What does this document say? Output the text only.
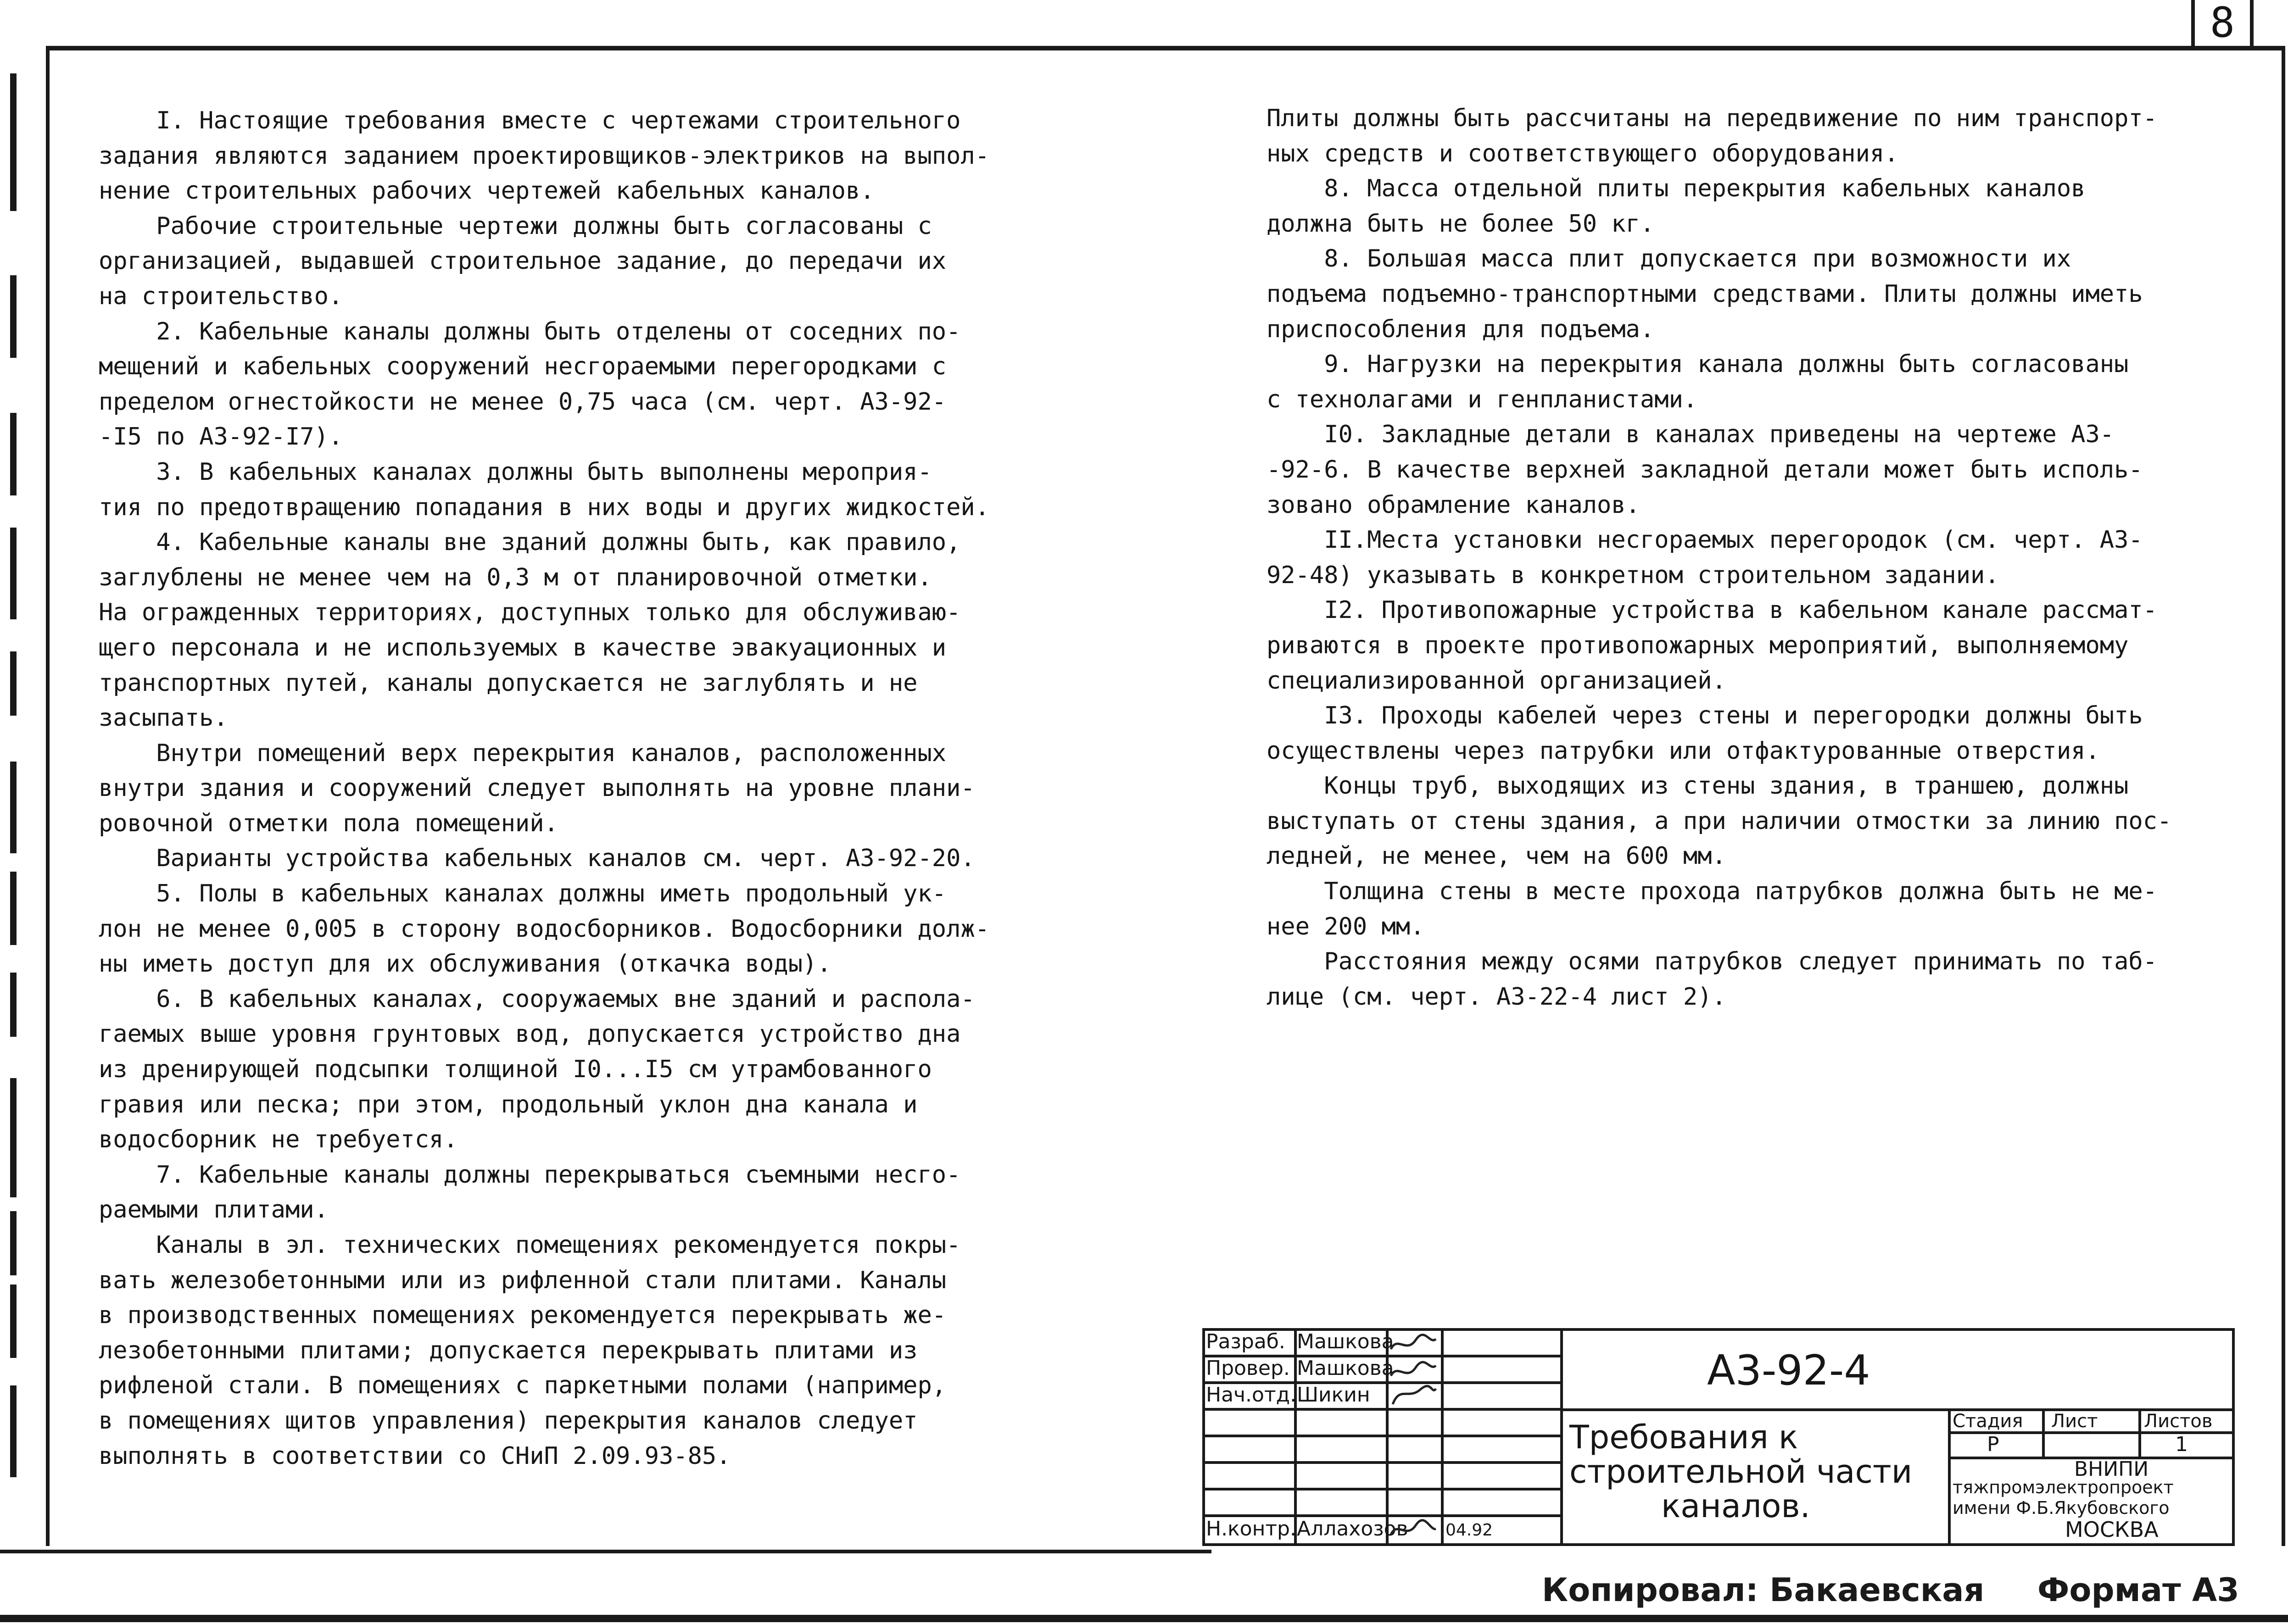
8
I. Настоящие требования вместе с чертежами строительного
задания являются заданием проектировщиков-электриков на выпол-
нение строительных рабочих чертежей кабельных каналов.
Рабочие строительные чертежи должны быть согласованы с
организацией, выдавшей строительное задание, до передачи их
на строительство.
2. Кабельные каналы должны быть отделены от соседних по-
мещений и кабельных сооружений несгораемыми перегородками с
пределом огнестойкости не менее 0,75 часа (см. черт. А3-92-
-I5 по А3-92-I7).
3. В кабельных каналах должны быть выполнены мероприя-
тия по предотвращению попадания в них воды и других жидкостей.
4. Кабельные каналы вне зданий должны быть, как правило,
заглублены не менее чем на 0,3 м от планировочной отметки.
На огражденных территориях, доступных только для обслуживаю-
щего персонала и не используемых в качестве эвакуационных и
транспортных путей, каналы допускается не заглублять и не
засыпать.
Внутри помещений верх перекрытия каналов, расположенных
внутри здания и сооружений следует выполнять на уровне плани-
ровочной отметки пола помещений.
Варианты устройства кабельных каналов см. черт. А3-92-20.
5. Полы в кабельных каналах должны иметь продольный ук-
лон не менее 0,005 в сторону водосборников. Водосборники долж-
ны иметь доступ для их обслуживания (откачка воды).
6. В кабельных каналах, сооружаемых вне зданий и распола-
гаемых выше уровня грунтовых вод, допускается устройство дна
из дренирующей подсыпки толщиной I0...I5 см утрамбованного
гравия или песка; при этом, продольный уклон дна канала и
водосборник не требуется.
7. Кабельные каналы должны перекрываться съемными несго-
раемыми плитами.
Каналы в эл. технических помещениях рекомендуется покры-
вать железобетонными или из рифленной стали плитами. Каналы
в производственных помещениях рекомендуется перекрывать же-
лезобетонными плитами; допускается перекрывать плитами из
рифленой стали. В помещениях с паркетными полами (например,
в помещениях щитов управления) перекрытия каналов следует
выполнять в соответствии со СНиП 2.09.93-85.
Плиты должны быть рассчитаны на передвижение по ним транспорт-
ных средств и соответствующего оборудования.
8. Масса отдельной плиты перекрытия кабельных каналов
должна быть не более 50 кг.
8. Большая масса плит допускается при возможности их
подъема подъемно-транспортными средствами. Плиты должны иметь
приспособления для подъема.
9. Нагрузки на перекрытия канала должны быть согласованы
с технолагами и генпланистами.
I0. Закладные детали в каналах приведены на чертеже А3-
-92-6. В качестве верхней закладной детали может быть исполь-
зовано обрамление каналов.
II.Места установки несгораемых перегородок (см. черт. А3-
92-48) указывать в конкретном строительном задании.
I2. Противопожарные устройства в кабельном канале рассмат-
риваются в проекте противопожарных мероприятий, выполняемому
специализированной организацией.
I3. Проходы кабелей через стены и перегородки должны быть
осуществлены через патрубки или отфактурованные отверстия.
Концы труб, выходящих из стены здания, в траншею, должны
выступать от стены здания, а при наличии отмостки за линию пос-
ледней, не менее, чем на 600 мм.
Толщина стены в месте прохода патрубков должна быть не ме-
нее 200 мм.
Расстояния между осями патрубков следует принимать по таб-
лице (см. черт. А3-22-4 лист 2).
Разраб. Машкова
Провер. Машкова
Нач.отд. Шикин
Н.контр. Аллахозов 04.92
А3-92-4
Требования к
строительной части
каналов.
Стадия Лист	Листов
Р	1
ВНИПИ
тяжпромэлектропроект
имени Ф.Б.Якубовского
МОСКВА
Копировал: Бакаевская Формат А3
